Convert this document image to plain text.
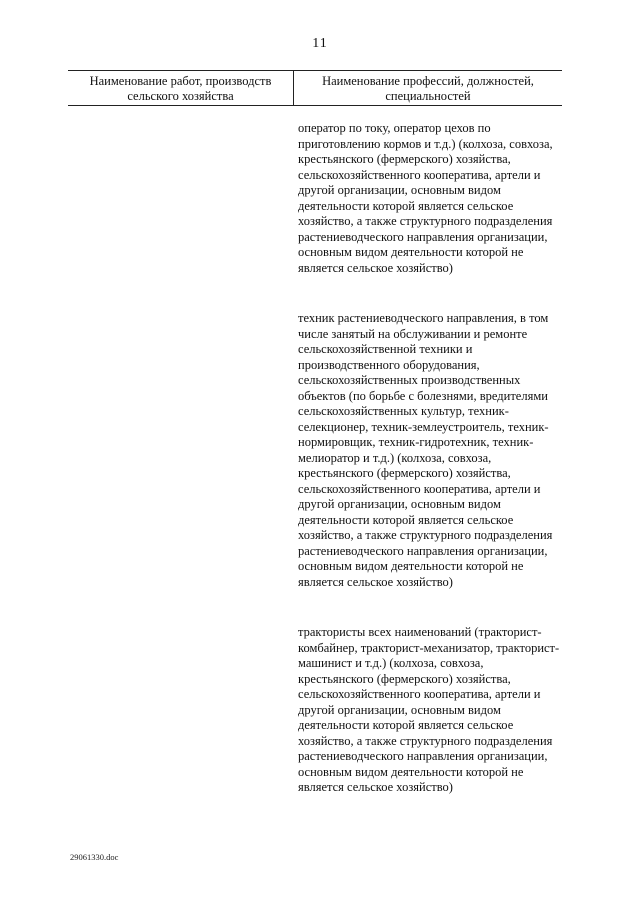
11
Наименование работ, производств сельского хозяйства
Наименование профессий, должностей, специальностей

оператор по току, оператор цехов по приготовлению кормов и т.д.) (колхоза, совхоза, крестьянского (фермерского) хозяйства, сельскохозяйственного кооператива, артели и другой организации, основным видом деятельности которой является сельское хозяйство, а также структурного подразделения растениеводческого направления организации, основным видом деятельности которой не является сельское хозяйство)

техник растениеводческого направления, в том числе занятый на обслуживании и ремонте сельскохозяйственной техники и производственного оборудования, сельскохозяйственных производственных объектов (по борьбе с болезнями, вредителями сельскохозяйственных культур, техник-селекционер, техник-землеустроитель, техник-нормировщик, техник-гидротехник, техник-мелиоратор и т.д.) (колхоза, совхоза, крестьянского (фермерского) хозяйства, сельскохозяйственного кооператива, артели и другой организации, основным видом деятельности которой является сельское хозяйство, а также структурного подразделения растениеводческого направления организации, основным видом деятельности которой не является сельское хозяйство)

трактористы всех наименований (тракторист-комбайнер, тракторист-механизатор, тракторист-машинист и т.д.) (колхоза, совхоза, крестьянского (фермерского) хозяйства, сельскохозяйственного кооператива, артели и другой организации, основным видом деятельности которой является сельское хозяйство, а также структурного подразделения растениеводческого направления организации, основным видом деятельности которой не является сельское хозяйство)

29061330.doc
